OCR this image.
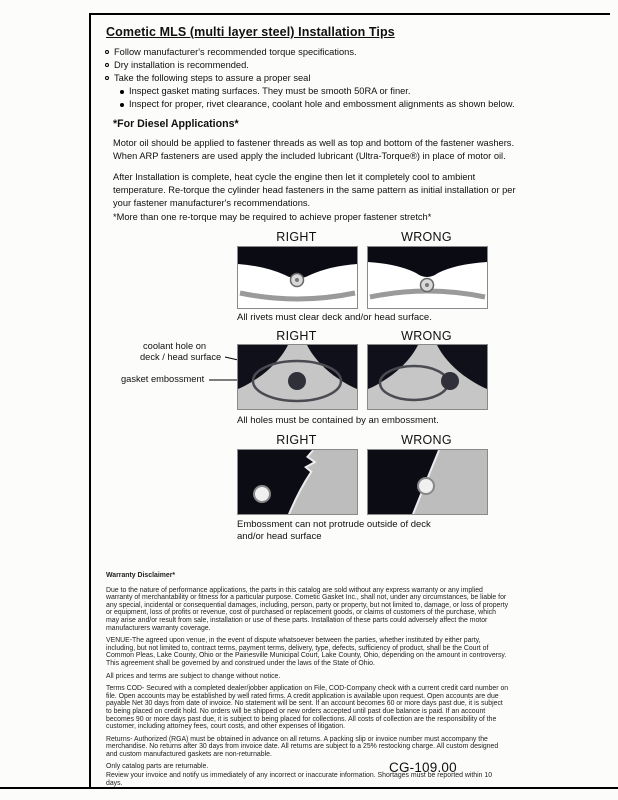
Cometic MLS (multi layer steel) Installation Tips
Follow manufacturer's recommended torque specifications.
Dry installation is recommended.
Take the following steps to assure a proper seal
Inspect gasket mating surfaces. They must be smooth 50RA or finer.
Inspect for proper, rivet clearance, coolant hole and embossment alignments as shown below.
*For Diesel Applications*
Motor oil should be applied to fastener threads as well as top and bottom of the fastener washers. When ARP fasteners are used apply the included lubricant (Ultra-Torque®) in place of motor oil.
After Installation is complete, heat cycle the engine then let it completely cool to ambient temperature. Re-torque the cylinder head fasteners in the same pattern as initial installation or per your fastener manufacturer's recommendations.
*More than one re-torque may be required to achieve proper fastener stretch*
RIGHT	WRONG
All rivets must clear deck and/or head surface.
RIGHT	WRONG
coolant hole on
deck / head surface
gasket embossment
All holes must be contained by an embossment.
RIGHT	WRONG
Embossment can not protrude outside of deck
and/or head surface
Warranty Disclaimer*

Due to the nature of performance applications, the parts in this catalog are sold without any express warranty or any implied warranty of merchantability or fitness for a particular purpose. Cometic Gasket Inc., shall not, under any circumstances, be liable for any special, incidental or consequential damages, including, person, party or property, but not limited to, damage, or loss of property or equipment, loss of profits or revenue, cost of purchased or replacement goods, or claims of customers of the purchase, which may arise and/or result from sale, installation or use of these parts. Installation of these parts could adversely affect the motor manufacturers warranty coverage.

VENUE-The agreed upon venue, in the event of dispute whatsoever between the parties, whether instituted by either party, including, but not limited to, contract terms, payment terms, delivery, type, defects, sufficiency of product, shall be the Court of Common Pleas, Lake County, Ohio or the Painesville Municipal Court, Lake County, Ohio, depending on the amount in controversy. This agreement shall be governed by and construed under the laws of the State of Ohio.

All prices and terms are subject to change without notice.

Terms COD- Secured with a completed dealer/jobber application on File, COD-Company check with a current credit card number on file. Open accounts may be established by well rated firms. A credit application is available upon request. Open accounts are due payable Net 30 days from date of invoice. No statement will be sent. If an account becomes 60 or more days past due, it is subject to being placed on credit hold. No orders will be shipped or new orders accepted until past due balance is paid. If an account becomes 90 or more days past due, it is subject to being placed for collections. All costs of collection are the responsibility of the customer, including attorney fees, court costs, and other expenses of litigation.

Returns- Authorized (RGA) must be obtained in advance on all returns. A packing slip or invoice number must accompany the merchandise. No returns after 30 days from invoice date. All returns are subject to a 25% restocking charge. All custom designed and custom manufactured gaskets are non-returnable.

Only catalog parts are returnable.

Review your invoice and notify us immediately of any incorrect or inaccurate information. Shortages must be reported within 10 days.

CG-109.00
